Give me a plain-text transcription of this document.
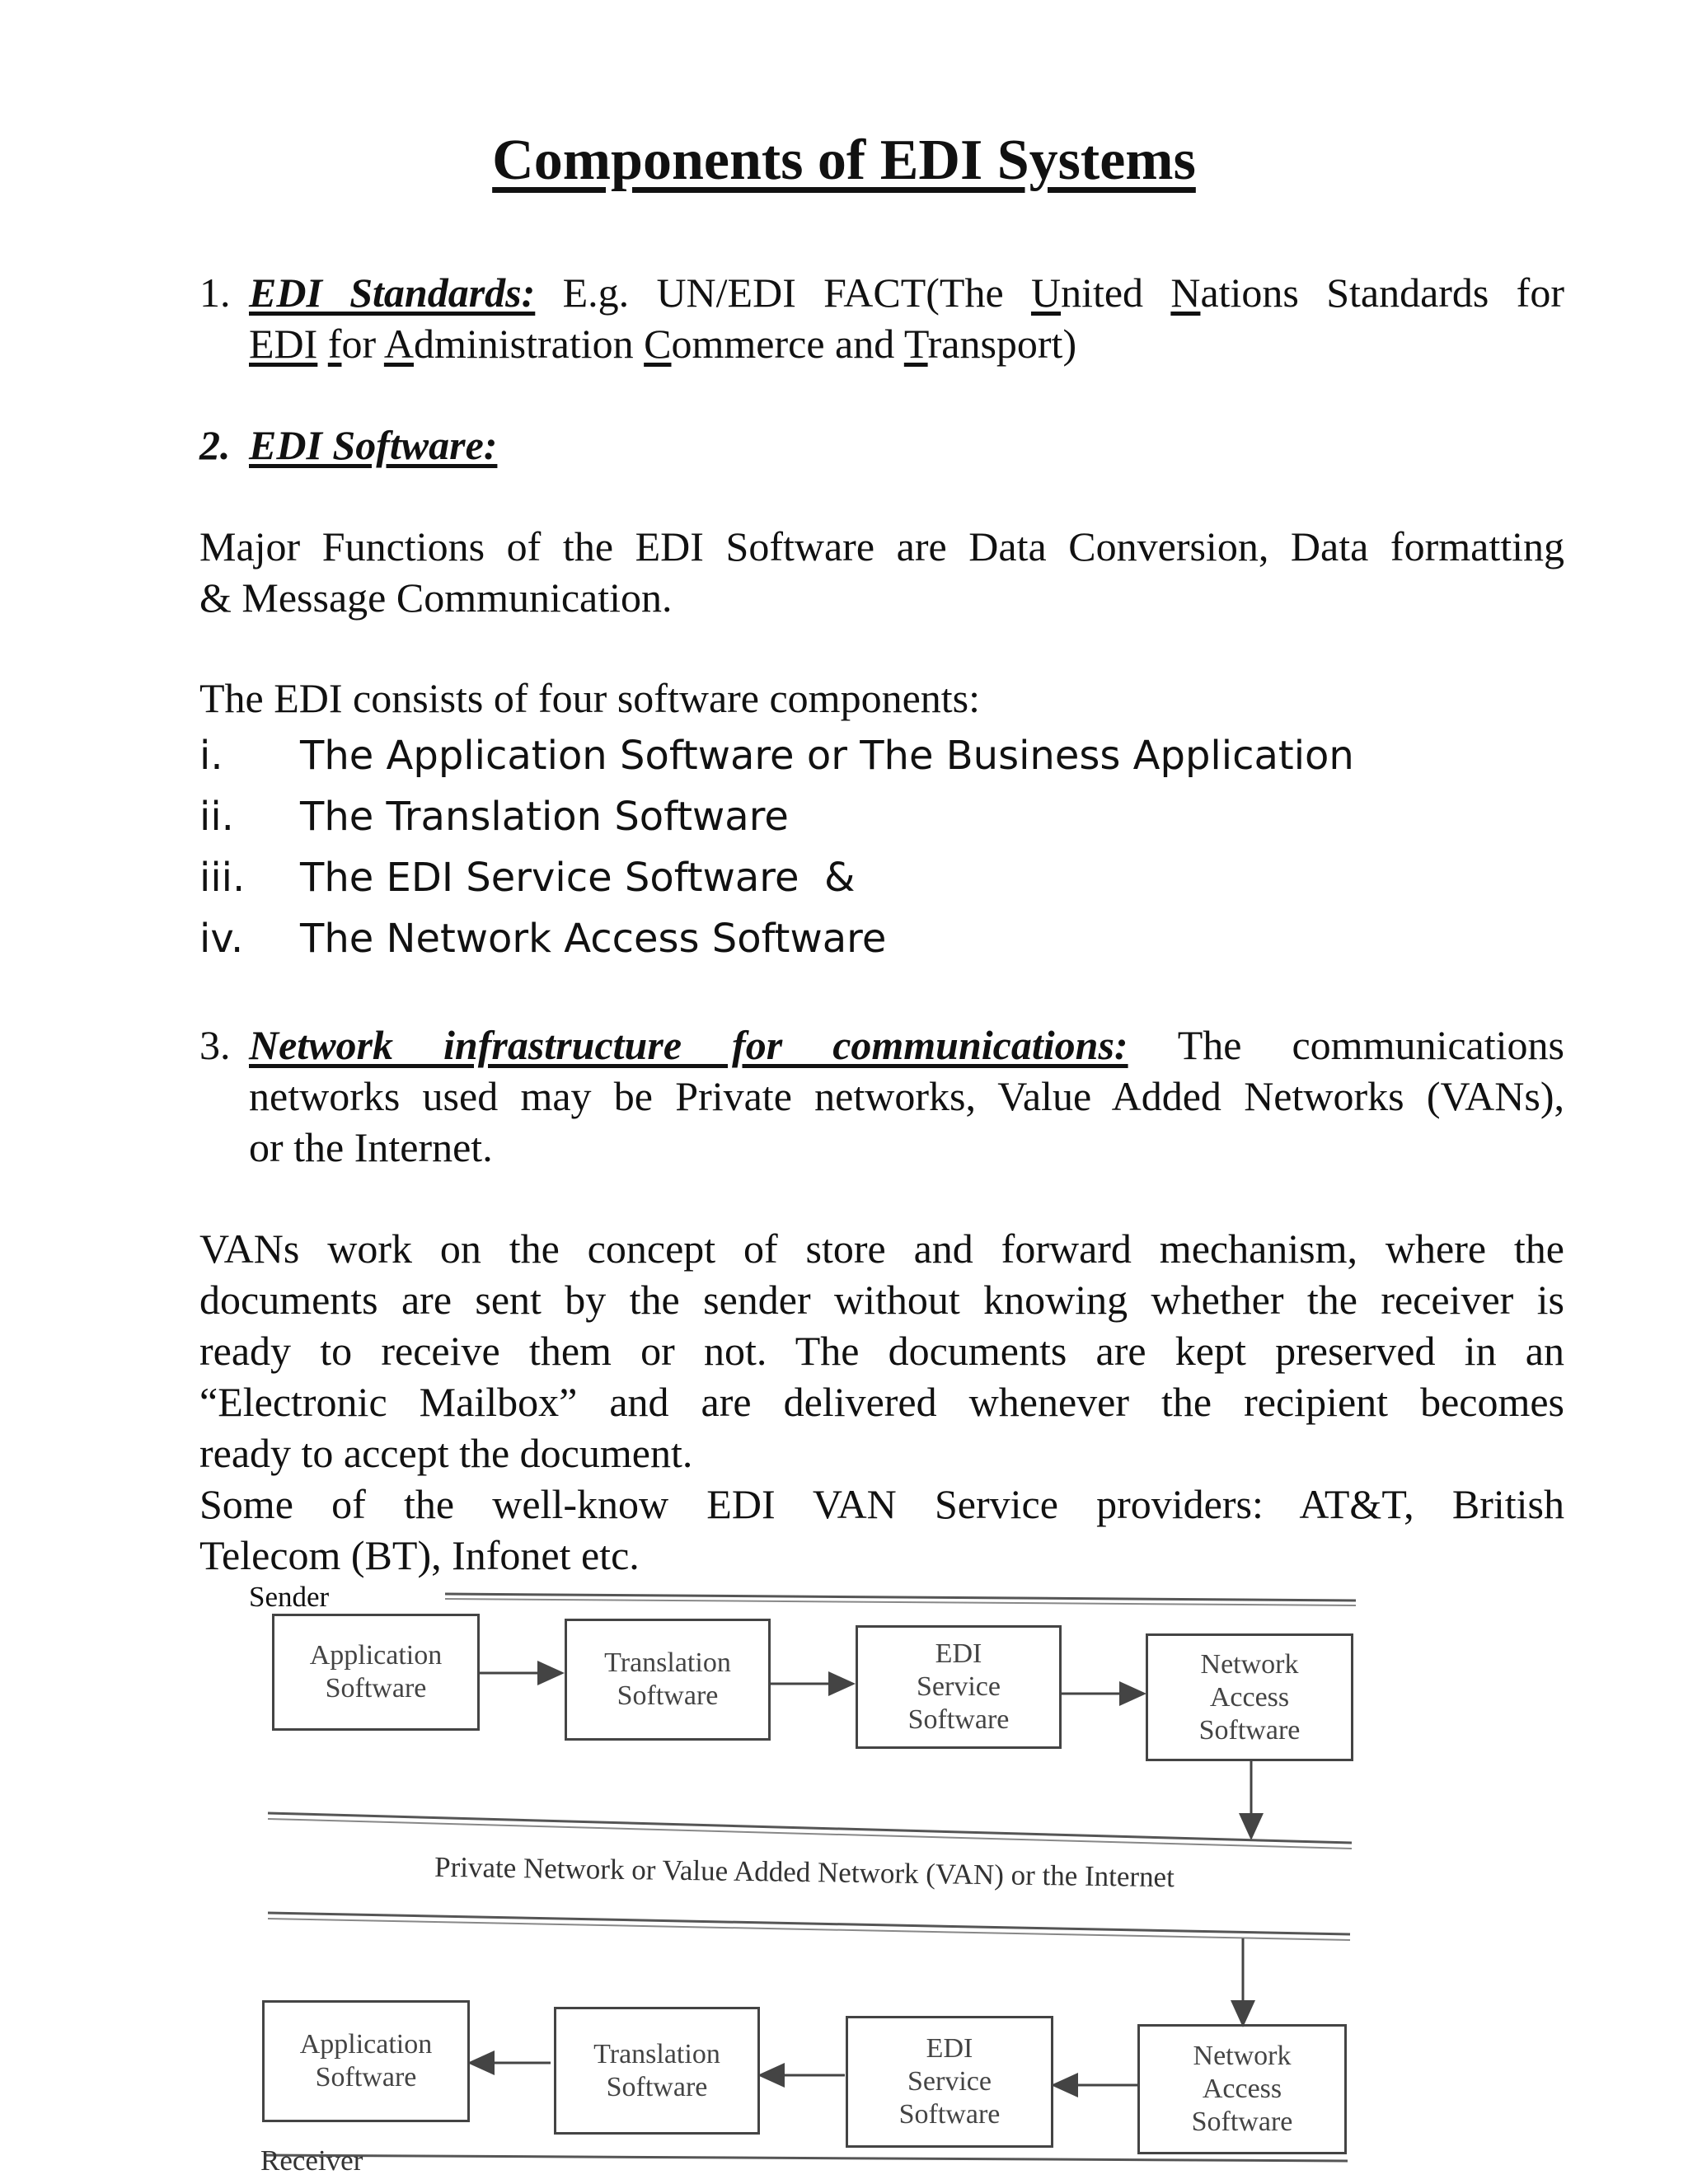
Components of EDI Systems
1. EDI Standards: E.g. UN/EDI FACT(The United Nations Standards for
EDI for Administration Commerce and Transport)
2. EDI Software:
Major Functions of the EDI Software are Data Conversion, Data formatting
& Message Communication.
The EDI consists of four software components:
i. The Application Software or The Business Application
ii. The Translation Software
iii. The EDI Service Software  &
iv. The Network Access Software
3. Network infrastructure for communications: The communications
networks used may be Private networks, Value Added Networks (VANs),
or the Internet.
VANs work on the concept of store and forward mechanism, where the
documents are sent by the sender without knowing whether the receiver is
ready to receive them or not. The documents are kept preserved in an
“Electronic Mailbox” and are delivered whenever the recipient becomes
ready to accept the document.
Some of the well-know EDI VAN Service providers: AT&T, British
Telecom (BT), Infonet etc.
Sender
Application
Software
Translation
Software
EDI
Service
Software
Network
Access
Software
Private Network or Value Added Network (VAN) or the Internet
Application
Software
Translation
Software
EDI
Service
Software
Network
Access
Software
Receiver
